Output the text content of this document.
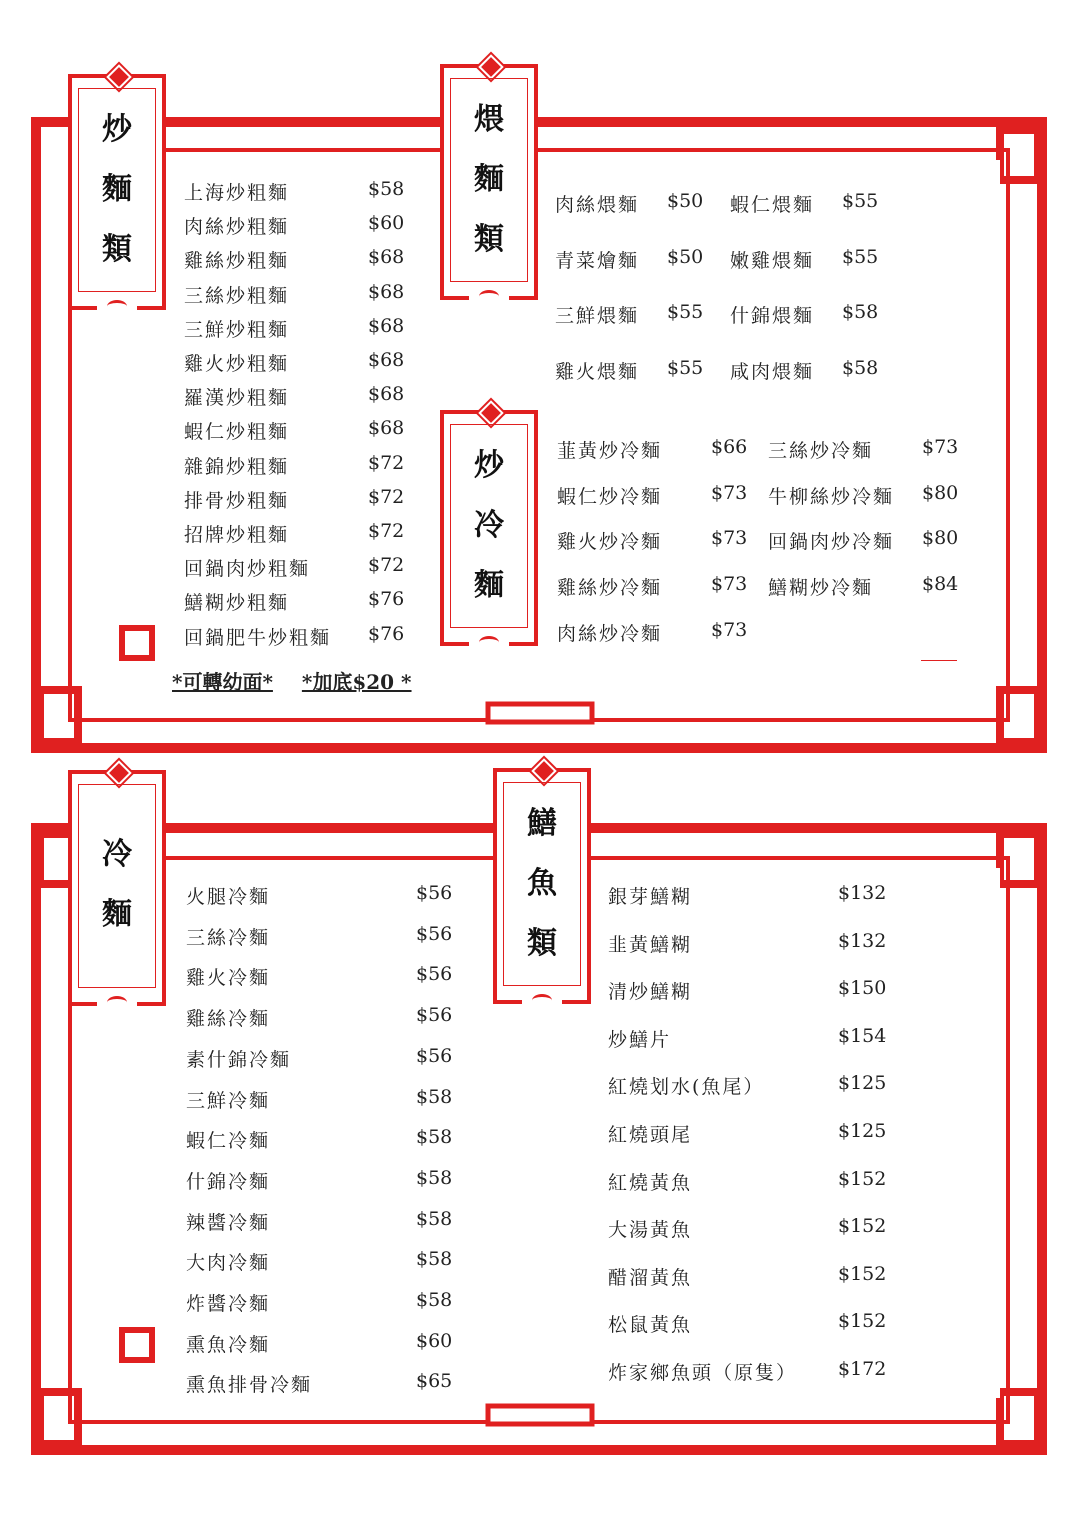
炒
麵
類
煨
麵
類
炒
冷
麵
冷
麵
鱔
魚
類
上海炒粗麵	$58
肉絲炒粗麵	$60
雞絲炒粗麵	$68
三絲炒粗麵	$68
三鮮炒粗麵	$68
雞火炒粗麵	$68
羅漢炒粗麵	$68
蝦仁炒粗麵	$68
雜錦炒粗麵	$72
排骨炒粗麵	$72
招牌炒粗麵	$72
回鍋肉炒粗麵	$72
鱔糊炒粗麵	$76
回鍋肥牛炒粗麵 $76
肉絲煨麵 $50 蝦仁煨麵 $55
青菜燴麵 $50 嫩雞煨麵 $55
三鮮煨麵 $55 什錦煨麵 $58
雞火煨麵 $55 咸肉煨麵 $58
韮黃炒冷麵	$66 三絲炒冷麵	$73
蝦仁炒冷麵	$73 牛柳絲炒冷麵 $80
雞火炒冷麵	$73 回鍋肉炒冷麵 $80
雞絲炒冷麵	$73 鱔糊炒冷麵	$84
肉絲炒冷麵	$73
火腿冷麵	$56
三絲冷麵	$56
雞火冷麵	$56
雞絲冷麵	$56
素什錦冷麵	$56
三鮮冷麵	$58
蝦仁冷麵	$58
什錦冷麵	$58
辣醬冷麵	$58
大肉冷麵	$58
炸醬冷麵	$58
熏魚冷麵	$60
熏魚排骨冷麵	$65
銀芽鱔糊	$132
韭黃鱔糊	$132
清炒鱔糊	$150
炒鱔片	$154
紅燒划水(魚尾）	$125
紅燒頭尾	$125
紅燒黃魚	$152
大湯黃魚	$152
醋溜黃魚	$152
松鼠黃魚	$152
炸家鄉魚頭（原隻） $172
*可轉幼面* *加底$20 *
